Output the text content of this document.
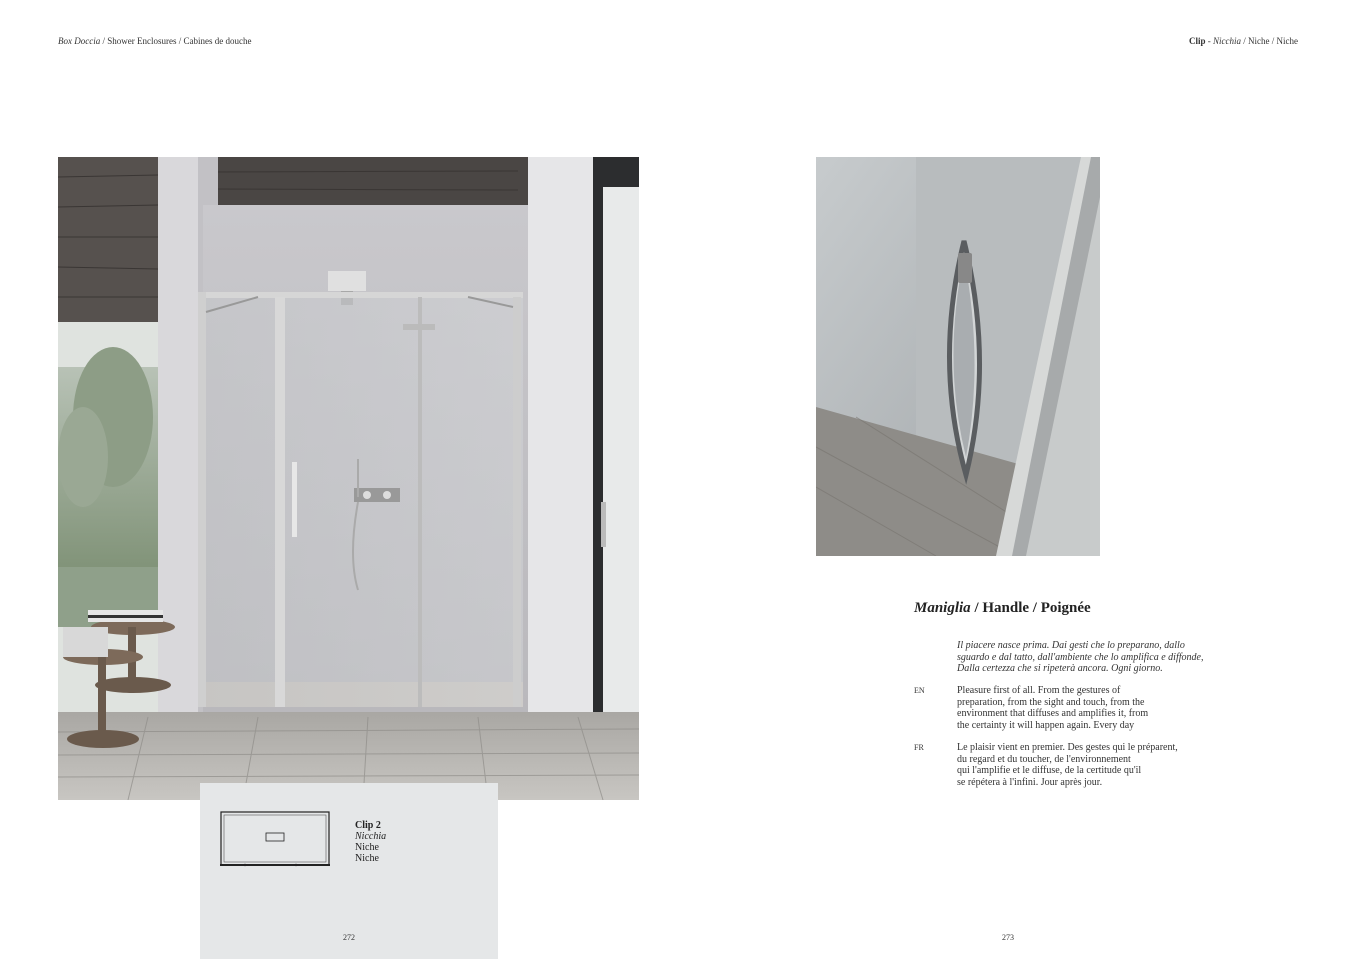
Box Doccia / Shower Enclosures / Cabines de douche	Clip - Nicchia / Niche / Niche
Clip 2
Nicchia
Niche
Niche
272
Maniglia / Handle / Poignée
Il piacere nasce prima. Dai gesti che lo preparano, dallo
sguardo e dal tatto, dall'ambiente che lo amplifica e diffonde,
Dalla certezza che si ripeterà ancora. Ogni giorno.
EN	Pleasure first of all. From the gestures of
preparation, from the sight and touch, from the
environment that diffuses and amplifies it, from
the certainty it will happen again. Every day
FR	Le plaisir vient en premier. Des gestes qui le préparent,
du regard et du toucher, de l'environnement
qui l'amplifie et le diffuse, de la certitude qu'il
se répétera à l'infini. Jour après jour.
273
